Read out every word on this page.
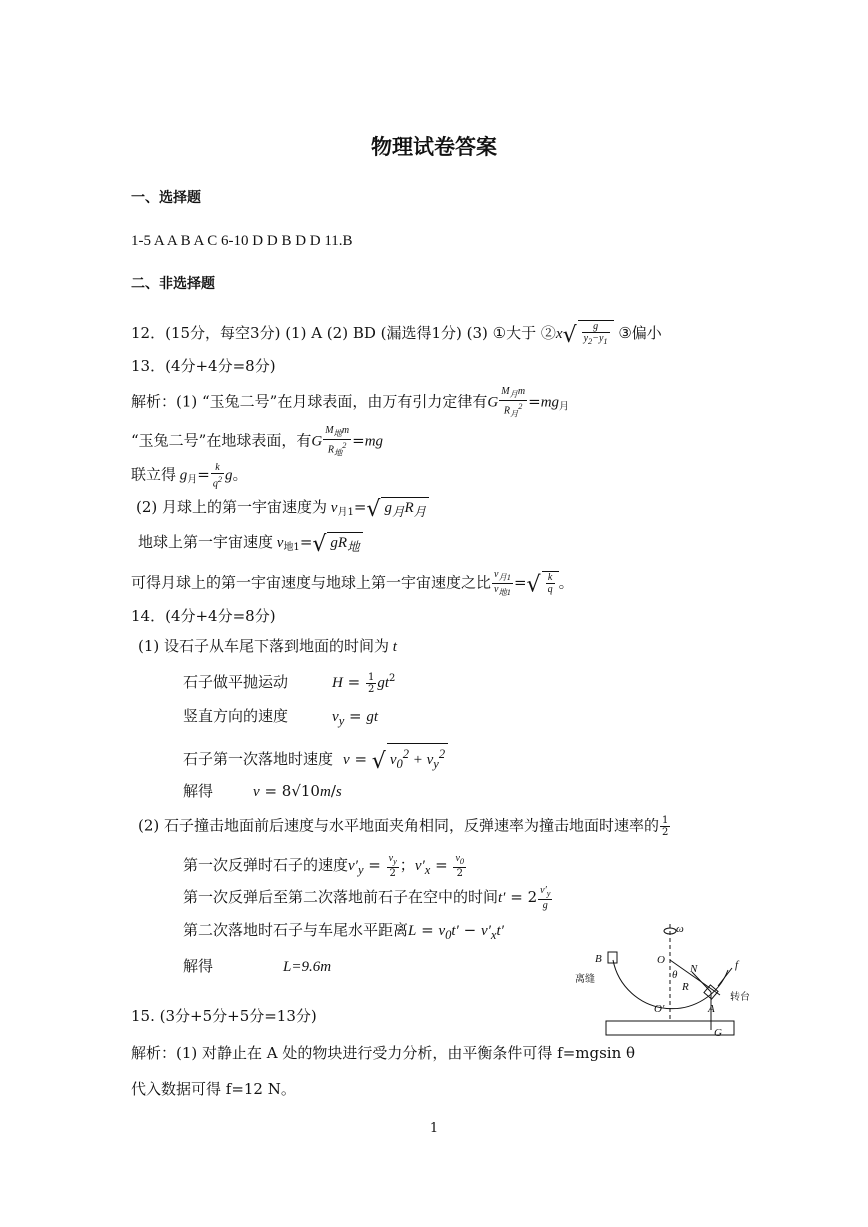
物理试卷答案
一、选择题
1-5 A A B A C 6-10 D D B D D 11.B
二、非选择题
12．(15分，每空3分) (1) A (2) BD (漏选得1分) (3) ①大于 ②x√ $\frac{g}{y_2-y_1}$ ③偏小
13．(4分+4分=8分)
解析：(1) “玉兔二号”在月球表面，由万有引力定律有G $\frac{M_月m}{R_月^2} =mg_月$
“玉兔二号”在地球表面，有G $\frac{M_地m}{R_地^2} =mg$
联立得 $g_月= \frac{k}{q^2}$ g。
(2) 月球上的第一宇宙速度为 $v_{月1}=√$ $g_月R_月$
地球上第一宇宙速度 $v_{地1}=√$ $gR_地$
可得月球上的第一宇宙速度与地球上第一宇宙速度之比 $\frac{v_{月1}}{v_{地1}}$ =√ $\frac{k}{q}$ 。
14．(4分+4分=8分)
(1) 设石子从车尾下落到地面的时间为 t
石子做平抛运动	$H = \frac{1}{2} gt^2$
竖直方向的速度	$v_y$ = gt
石子第一次落地时速度 v = √ $v_0^2 + v_y^2$
解得	v = 8√10m/s
(2) 石子撞击地面前后速度与水平地面夹角相同，反弹速率为撞击地面时速率的 $\frac{1}{2}$
第一次反弹时石子的速度$v'_y = \frac{v_y}{2}$ ；$v'_x = \frac{v_0}{2}$
第一次反弹后至第二次落地前石子在空中的时间$t' = 2 \frac{v'_y}{g}$
第二次落地时石子与车尾水平距离$L = v_0t' - v'_xt'$
解得	L=9.6m
ω
B	O
θ N	f
R
离缝
O′	A
G
转台
15. (3分+5分+5分=13分)
解析：(1) 对静止在 A 处的物块进行受力分析，由平衡条件可得 f=mgsin θ
代入数据可得 f=12 N。
1
